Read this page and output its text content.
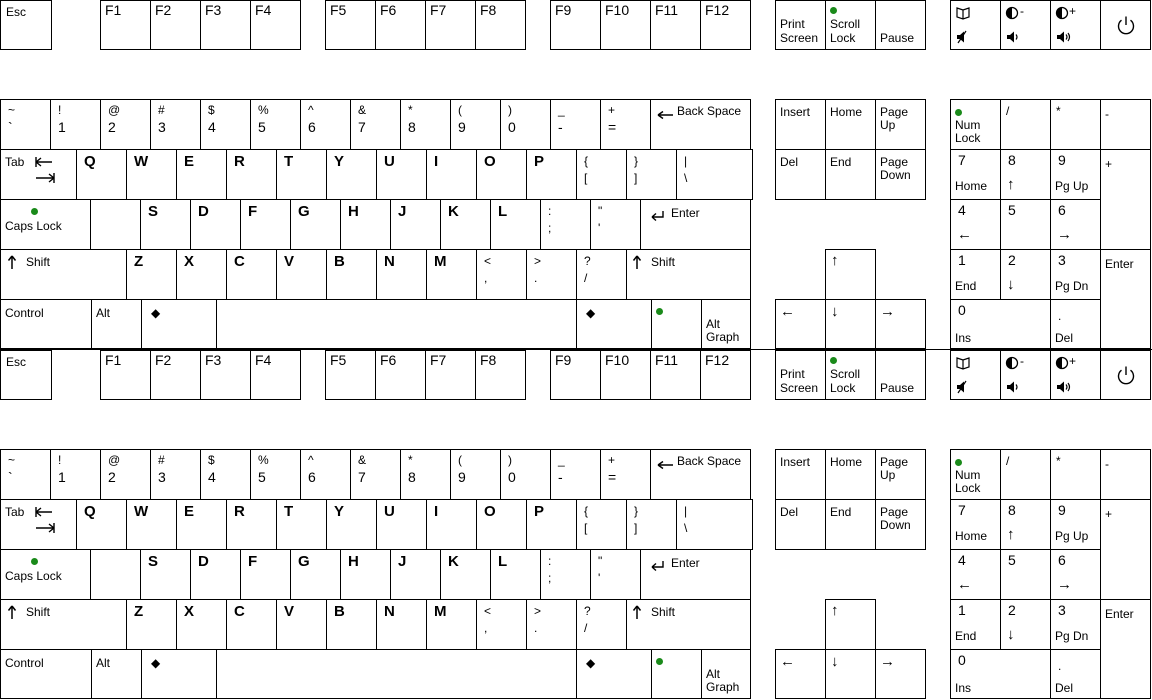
Esc	F1 F2 F3 F4	F5 F6 F7 F8	F9 F10 F11 F12
Print
Screen
Scroll
Lock Pause
-	+
~
`
!
1
@
2
#
3
$
4
%
5
^
6
&
7
*
8
(
9
)
0
_
-
+
=
Back Space
Tab	Q	W E	R	T	Y	U	I	O	P	{
[
}
]
|
\
Caps Lock
S	D	F	G	H	J	K	L	:
;
"
'
Enter
Shift	Z	X	C	V	B	N	M	<
,
>
.
?
/
Shift
Control	Alt	◆	◆
Alt
Graph
Insert Home Page
Up
Del	End Page
Down
↑
← ↓	→
Num
Lock
/	*	-
7
Home
8
↑
9
Pg Up
4
←
6
→
1
End
2
↓
3
Pg Dn
5
+
Enter
0
Ins
.
Del
Esc	F1 F2 F3 F4	F5 F6 F7 F8	F9 F10 F11 F12
Print
Screen
Scroll
Lock Pause
-	+
~
`
!
1
@
2
#
3
$
4
%
5
^
6
&
7
*
8
(
9
)
0
_
-
+
=
Back Space
Tab	Q	W E	R	T	Y	U	I	O	P	{
[
}
]
|
\
Caps Lock
S	D	F	G	H	J	K	L	:
;
"
'
Enter
Shift	Z	X	C	V	B	N	M	<
,
>
.
?
/
Shift
Control	Alt	◆	◆
Alt
Graph
Insert Home Page
Up
Del	End Page
Down
↑
← ↓	→
Num
Lock
/	*	-
7
Home
8
↑
9
Pg Up
4
←
6
→
1
End
2
↓
3
Pg Dn
5
+
Enter
0
Ins
.
Del
